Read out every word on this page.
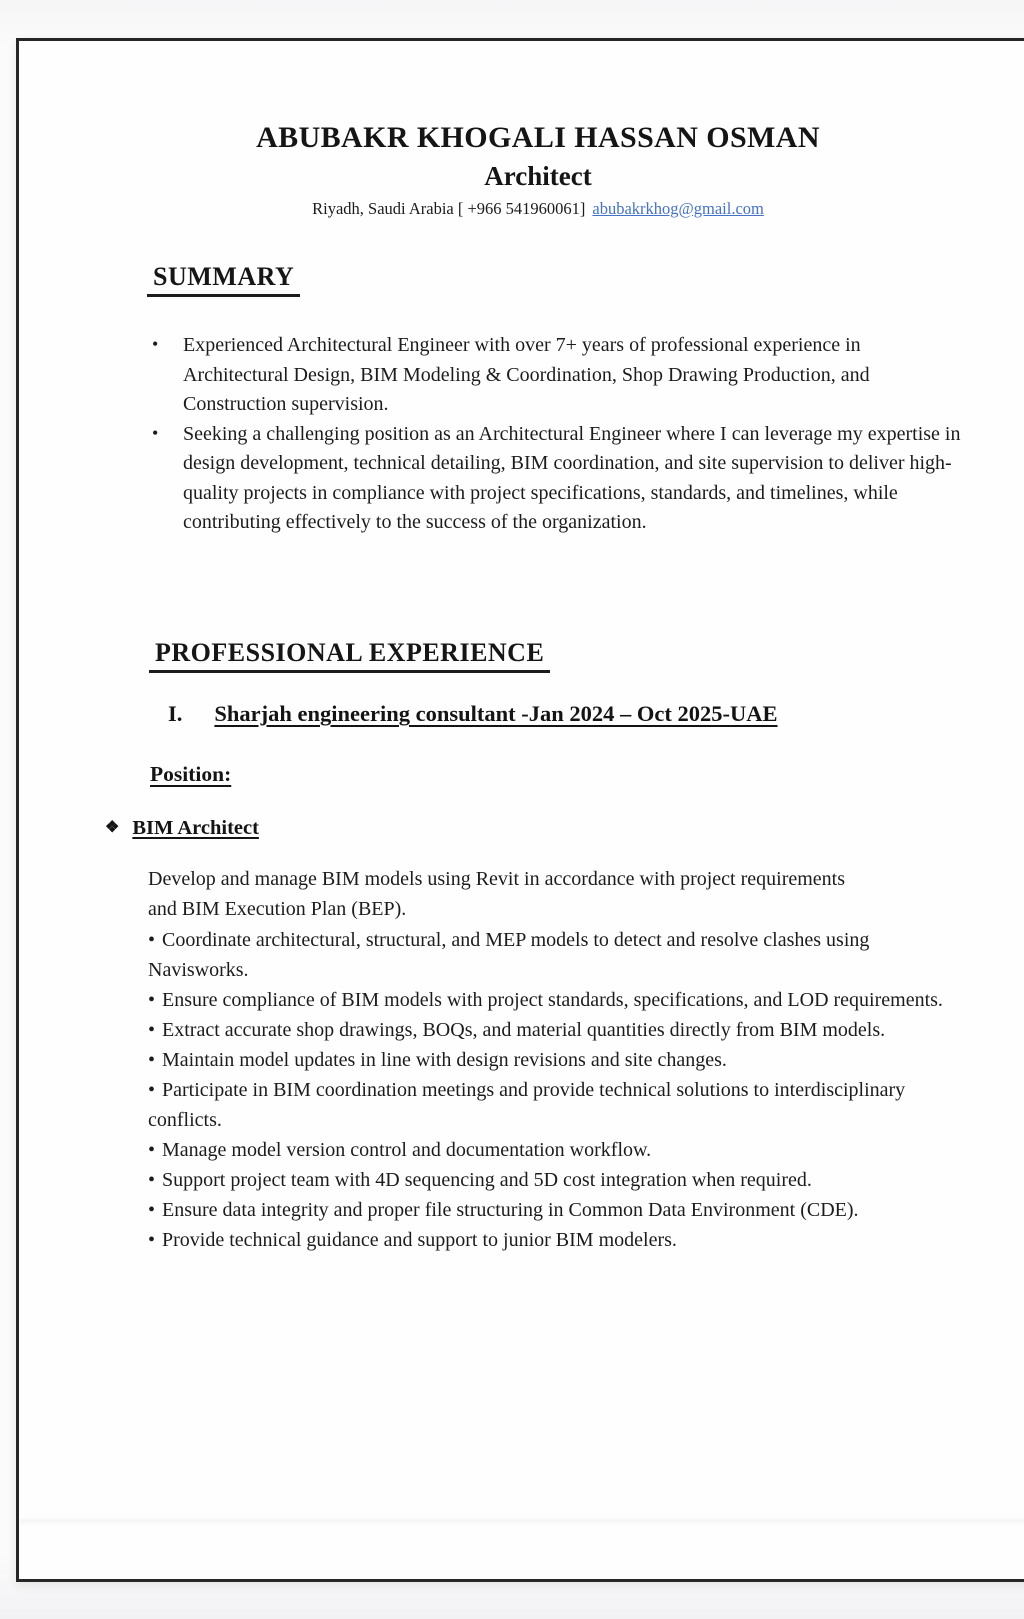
ABUBAKR KHOGALI HASSAN OSMAN
Architect
Riyadh, Saudi Arabia [ +966 541960061] abubakrkhog@gmail.com
SUMMARY
• Experienced Architectural Engineer with over 7+ years of professional experience in Architectural Design, BIM Modeling & Coordination, Shop Drawing Production, and Construction supervision.
• Seeking a challenging position as an Architectural Engineer where I can leverage my expertise in design development, technical detailing, BIM coordination, and site supervision to deliver high-quality projects in compliance with project specifications, standards, and timelines, while contributing effectively to the success of the organization.
PROFESSIONAL EXPERIENCE
I. Sharjah engineering consultant -Jan 2024 – Oct 2025-UAE
Position:
❖ BIM Architect

Develop and manage BIM models using Revit in accordance with project requirements and BIM Execution Plan (BEP).

• Coordinate architectural, structural, and MEP models to detect and resolve clashes using Navisworks.
• Ensure compliance of BIM models with project standards, specifications, and LOD requirements.
• Extract accurate shop drawings, BOQs, and material quantities directly from BIM models.
• Maintain model updates in line with design revisions and site changes.
• Participate in BIM coordination meetings and provide technical solutions to interdisciplinary conflicts.
• Manage model version control and documentation workflow.
• Support project team with 4D sequencing and 5D cost integration when required.
• Ensure data integrity and proper file structuring in Common Data Environment (CDE).
• Provide technical guidance and support to junior BIM modelers.
